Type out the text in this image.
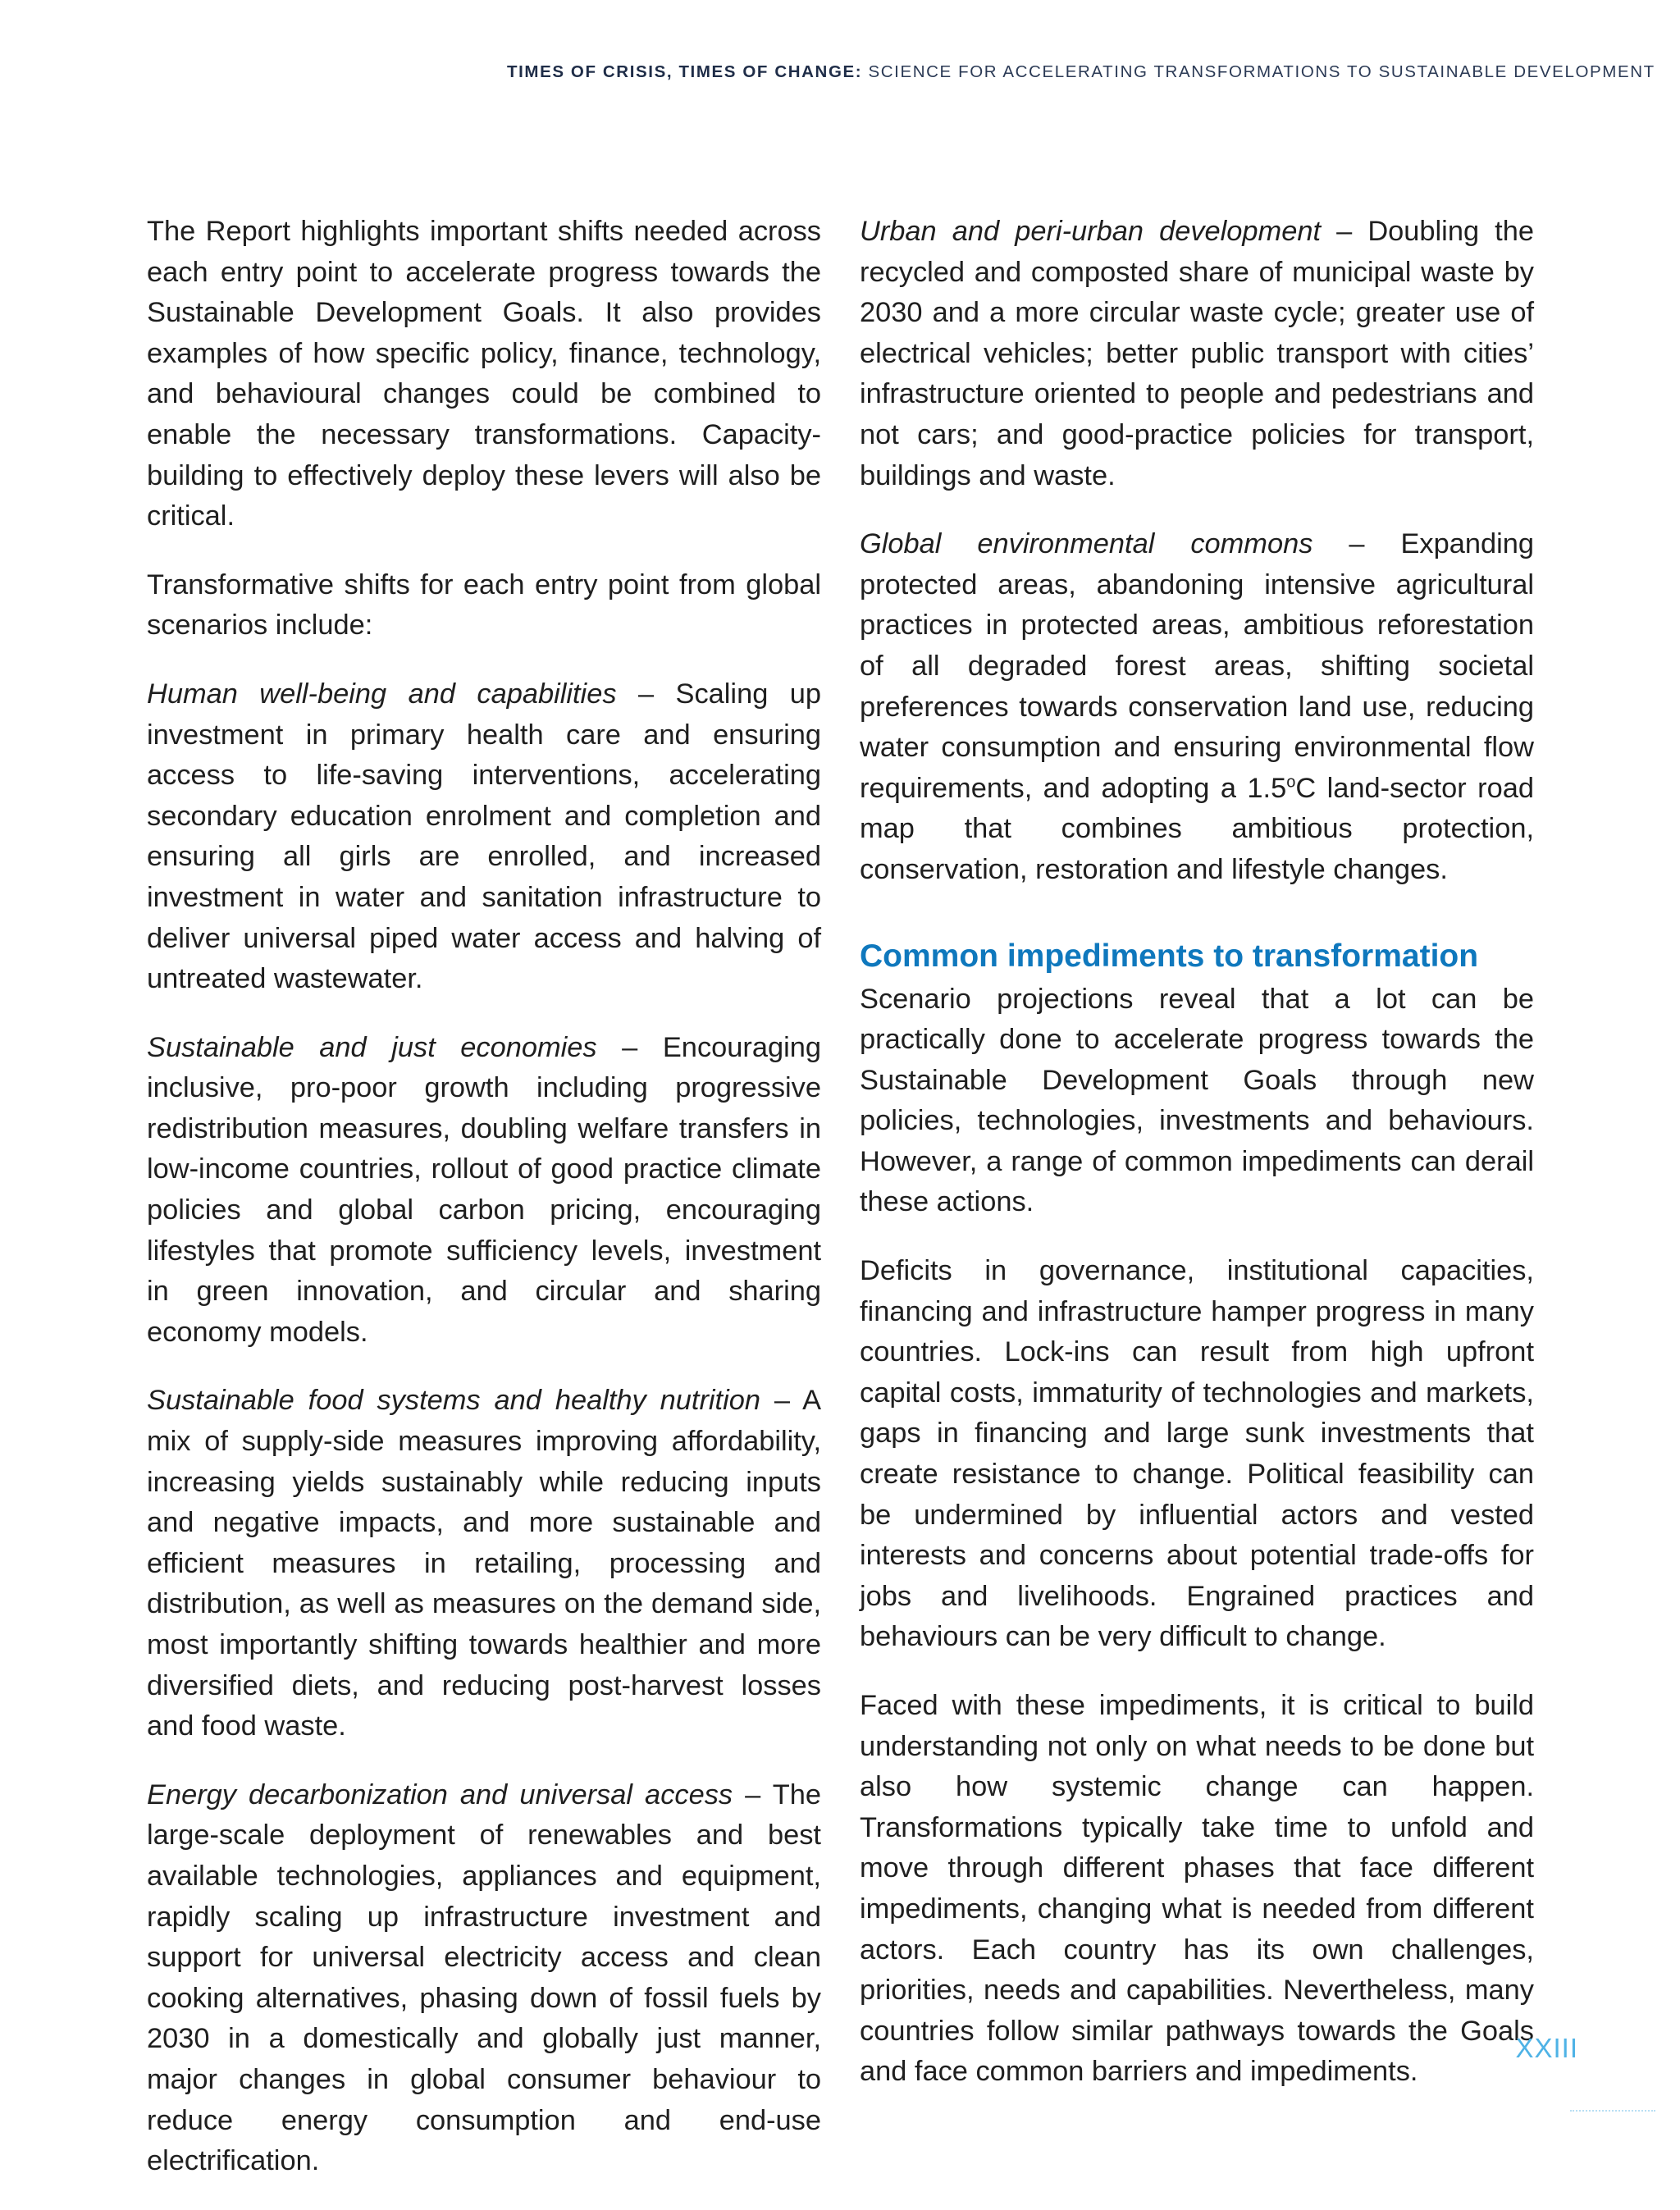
TIMES OF CRISIS, TIMES OF CHANGE: SCIENCE FOR ACCELERATING TRANSFORMATIONS TO SUSTAINABLE DEVELOPMENT

The Report highlights important shifts needed across each entry point to accelerate progress towards the Sustainable Development Goals. It also provides examples of how specific policy, finance, technology, and behavioural changes could be combined to enable the necessary transformations. Capacity-building to effectively deploy these levers will also be critical.

Transformative shifts for each entry point from global scenarios include:

Human well-being and capabilities – Scaling up investment in primary health care and ensuring access to life-saving interventions, accelerating secondary education enrolment and completion and ensuring all girls are enrolled, and increased investment in water and sanitation infrastructure to deliver universal piped water access and halving of untreated wastewater.

Sustainable and just economies – Encouraging inclusive, pro-poor growth including progressive redistribution measures, doubling welfare transfers in low-income countries, rollout of good practice climate policies and global carbon pricing, encouraging lifestyles that promote sufficiency levels, investment in green innovation, and circular and sharing economy models.

Sustainable food systems and healthy nutrition – A mix of supply-side measures improving affordability, increasing yields sustainably while reducing inputs and negative impacts, and more sustainable and efficient measures in retailing, processing and distribution, as well as measures on the demand side, most importantly shifting towards healthier and more diversified diets, and reducing post-harvest losses and food waste.

Energy decarbonization and universal access – The large-scale deployment of renewables and best available technologies, appliances and equipment, rapidly scaling up infrastructure investment and support for universal electricity access and clean cooking alternatives, phasing down of fossil fuels by 2030 in a domestically and globally just manner, major changes in global consumer behaviour to reduce energy consumption and end-use electrification.

Urban and peri-urban development – Doubling the recycled and composted share of municipal waste by 2030 and a more circular waste cycle; greater use of electrical vehicles; better public transport with cities’ infrastructure oriented to people and pedestrians and not cars; and good-practice policies for transport, buildings and waste.

Global environmental commons – Expanding protected areas, abandoning intensive agricultural practices in protected areas, ambitious reforestation of all degraded forest areas, shifting societal preferences towards conservation land use, reducing water consumption and ensuring environmental flow requirements, and adopting a 1.5$^o$C land-sector road map that combines ambitious protection, conservation, restoration and lifestyle changes.

Common impediments to transformation

Scenario projections reveal that a lot can be practically done to accelerate progress towards the Sustainable Development Goals through new policies, technologies, investments and behaviours. However, a range of common impediments can derail these actions.

Deficits in governance, institutional capacities, financing and infrastructure hamper progress in many countries. Lock-ins can result from high upfront capital costs, immaturity of technologies and markets, gaps in financing and large sunk investments that create resistance to change. Political feasibility can be undermined by influential actors and vested interests and concerns about potential trade-offs for jobs and livelihoods. Engrained practices and behaviours can be very difficult to change.

Faced with these impediments, it is critical to build understanding not only on what needs to be done but also how systemic change can happen. Transformations typically take time to unfold and move through different phases that face different impediments, changing what is needed from different actors. Each country has its own challenges, priorities, needs and capabilities. Nevertheless, many countries follow similar pathways towards the Goals and face common barriers and impediments.

XXIII
